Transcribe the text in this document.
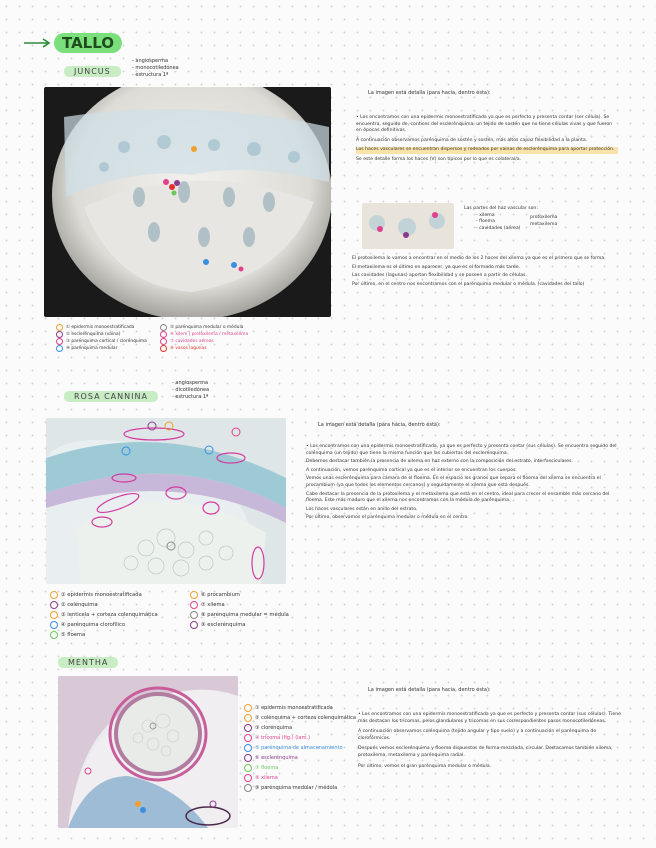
TALLO
JUNCUS
- angiosperma
- monocotiledónea
- estructura 1ª
La imagen está detalla (para hacia, dentro ésta):
• Los encontramos con una epidermis monoestratificada ya que es perfecto y presenta contar (ser célula). Se encuentra, seguido de, contices del esclerénquima, un tejido de sostén que no tiene células vivas y que fueron en épocas definitivas.
A continuación observamos parénquima de sostén y sostén, más altos capaz flexibilidad a la planta.
Los haces vasculares se encuentran dispersos y rodeados por vainas de esclerénquima para aportar protección.
Se este detalle forma los haces (V) son típicos por lo que es colateral/a.
Las partes del haz vascular son:
- xilema
- floema
- cavidades (aérea)
protoxilema
metaxilema
El protoxilema lo vamos a encontrar en el medio de los 2 haces del xilema ya que es el primero que se forma.
El metaxilema es el último en aparecer, ya que es el formado más tarde.
Las cavidades (lagunas) aportan flexibilidad y se poseen a partir de células.
Por último, en el centro nos encontramos con el parénquima medular o médula. (cavidades del tallo)
① epidermis monoestratificada
② esclerénquima (vaina)
③ parénquima cortical / clorénquima
④ parénquima medular
⑤ parénquima medular o médula
⑥ xilem | protoxilema / metaxilema
⑦ cavidades aéreas
⑧ vasos lagunas
ROSA CANNINA
- angiosperma
- dicotiledónea
- estructura 1ª
La imagen está detalla (para hacia, dentro ésta):
• Los encontramos con una epidermis monoestratificada, ya que es perfecto y presenta contar (sus células). Se encuentra seguido del colénquima (un tejido) que tiene la misma función que las cubiertas del esclerénquima.
Debemos destacar también la presencia de xilema en haz externo con la composición del estrato, interfasciculares.
A continuación, vemos parénquima cortical ya que es el interior se encuentran los cuerpos.
Vemos unas esclerénquima para cámara de el floema. En el espacio los granos que separa el floema del xilema se encuentra el procambium (ya que todos los elementos cercanos) y seguidamente el xilema que está después.
Cabe destacar la presencia de la protoxilema y el metaxilema que está en el centro, ideal para crecer el ensamble más cercano del floema. Este más maduro que el xilema nos encontramos con la médula de parénquima.
Los haces vasculares están en anillo del estrato.
Por último, observamos el parénquima medular o médula en el centro.
① epidermis monoestratificada
② colénquima
③ lenticela + corteza colenquimática
④ parénquima clorofílico
⑤ floema
⑥ procambium
⑦ xilema
⑧ parénquima medular = médula
⑨ esclerénquima
MENTHA
① epidermis monoestratificada
② colénquima + corteza colenquimática
③ clorénquima
④ tricoma (fig.) (lam.)
⑤ parénquima de almacenamiento
⑥ esclerénquima
⑦ floema
⑧ xilema
⑨ parénquima medular / médula
La imagen está detalla (para hacia, dentro ésta):
• Los encontramos con una epidermis monoestratificada ya que es perfecto y presenta contar (sus células). Tiene más destacan los tricomas, pelos glandulares y tricomas en sus correspondientes pasos monocotiledóneas.
A continuación observamos colénquima (tejido angular y tipo suelo) y a continuación el parénquima de clorofórmicos.
Después vemos esclerénquima y floema dispuestos de forma mezclada, circular. Destacamos también xilema, protoxilema, metaxilema y parénquima radial.
Por último, vemos el gran parénquima medular o médula.
